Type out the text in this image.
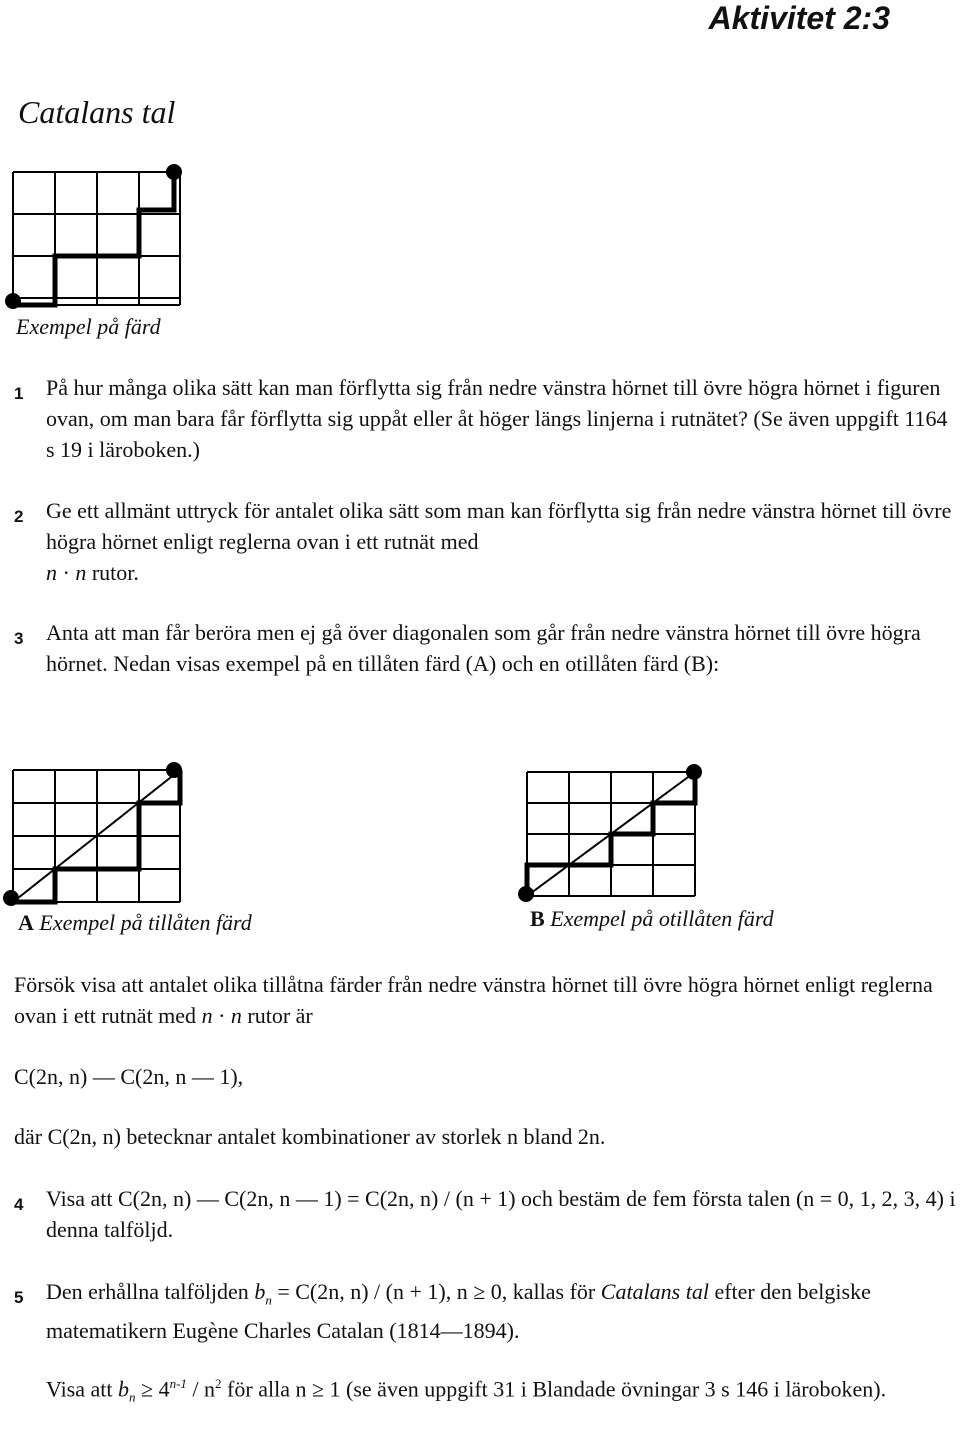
Aktivitet 2:3
Catalans tal
Exempel på färd
1 På hur många olika sätt kan man förflytta sig från nedre vänstra hörnet till övre högra hörnet i figuren ovan, om man bara får förflytta sig uppåt eller åt höger längs linjerna i rutnätet? (Se även uppgift 1164 s 19 i läroboken.)
2 Ge ett allmänt uttryck för antalet olika sätt som man kan förflytta sig från nedre vänstra hörnet till övre högra hörnet enligt reglerna ovan i ett rutnät med
n · n rutor.
3 Anta att man får beröra men ej gå över diagonalen som går från nedre vänstra hörnet till övre högra hörnet. Nedan visas exempel på en tillåten färd (A) och en otillåten färd (B):
A Exempel på tillåten färd	B Exempel på otillåten färd
Försök visa att antalet olika tillåtna färder från nedre vänstra hörnet till övre högra hörnet enligt reglerna ovan i ett rutnät med n · n rutor är
C(2n, n) — C(2n, n — 1),
där C(2n, n) betecknar antalet kombinationer av storlek n bland 2n.
4 Visa att C(2n, n) — C(2n, n — 1) = C(2n, n) / (n + 1) och bestäm de fem första talen (n = 0, 1, 2, 3, 4) i denna talföljd.
5 Den erhållna talföljden $b_n = C(2n$, n) / (n + 1), n ≥ 0, kallas för Catalans tal efter den belgiske matematikern Eugène Charles Catalan (1814—1894).
Visa att $b_n \ge 4^{n-1} / n^2$ för alla n ≥ 1 (se även uppgift 31 i Blandade övningar 3 s 146 i läroboken).
